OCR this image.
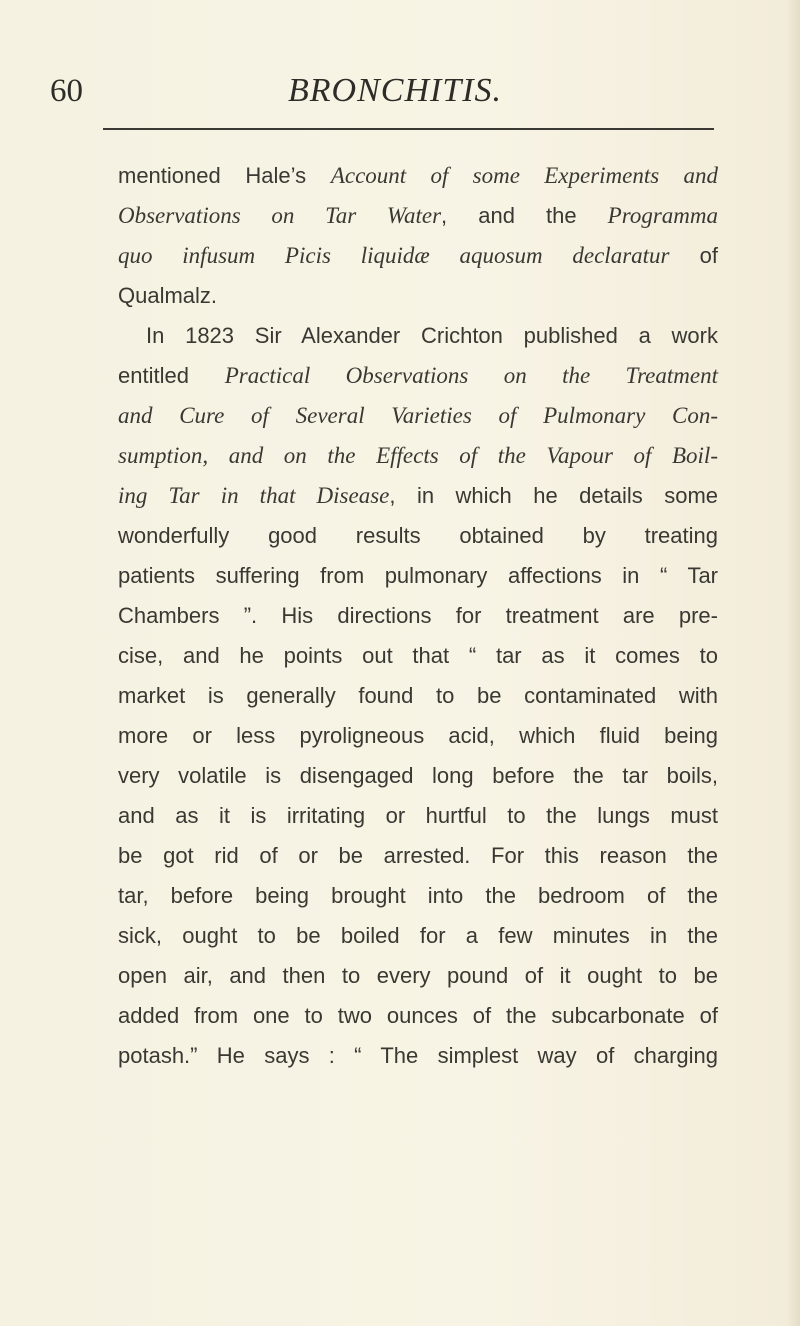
60	BRONCHITIS.
mentioned Hale’s Account of some Experiments and
Observations on Tar Water, and the Programma
quo infusum Picis liquidæ aquosum declaratur of
Qualmalz.
In 1823 Sir Alexander Crichton published a work
entitled Practical Observations on the Treatment
and Cure of Several Varieties of Pulmonary Con-
sumption, and on the Effects of the Vapour of Boil-
ing Tar in that Disease, in which he details some
wonderfully good results obtained by treating
patients suffering from pulmonary affections in “ Tar
Chambers ”. His directions for treatment are pre-
cise, and he points out that “ tar as it comes to
market is generally found to be contaminated with
more or less pyroligneous acid, which fluid being
very volatile is disengaged long before the tar boils,
and as it is irritating or hurtful to the lungs must
be got rid of or be arrested. For this reason the
tar, before being brought into the bedroom of the
sick, ought to be boiled for a few minutes in the
open air, and then to every pound of it ought to be
added from one to two ounces of the subcarbonate of
potash.” He says : “ The simplest way of charging
